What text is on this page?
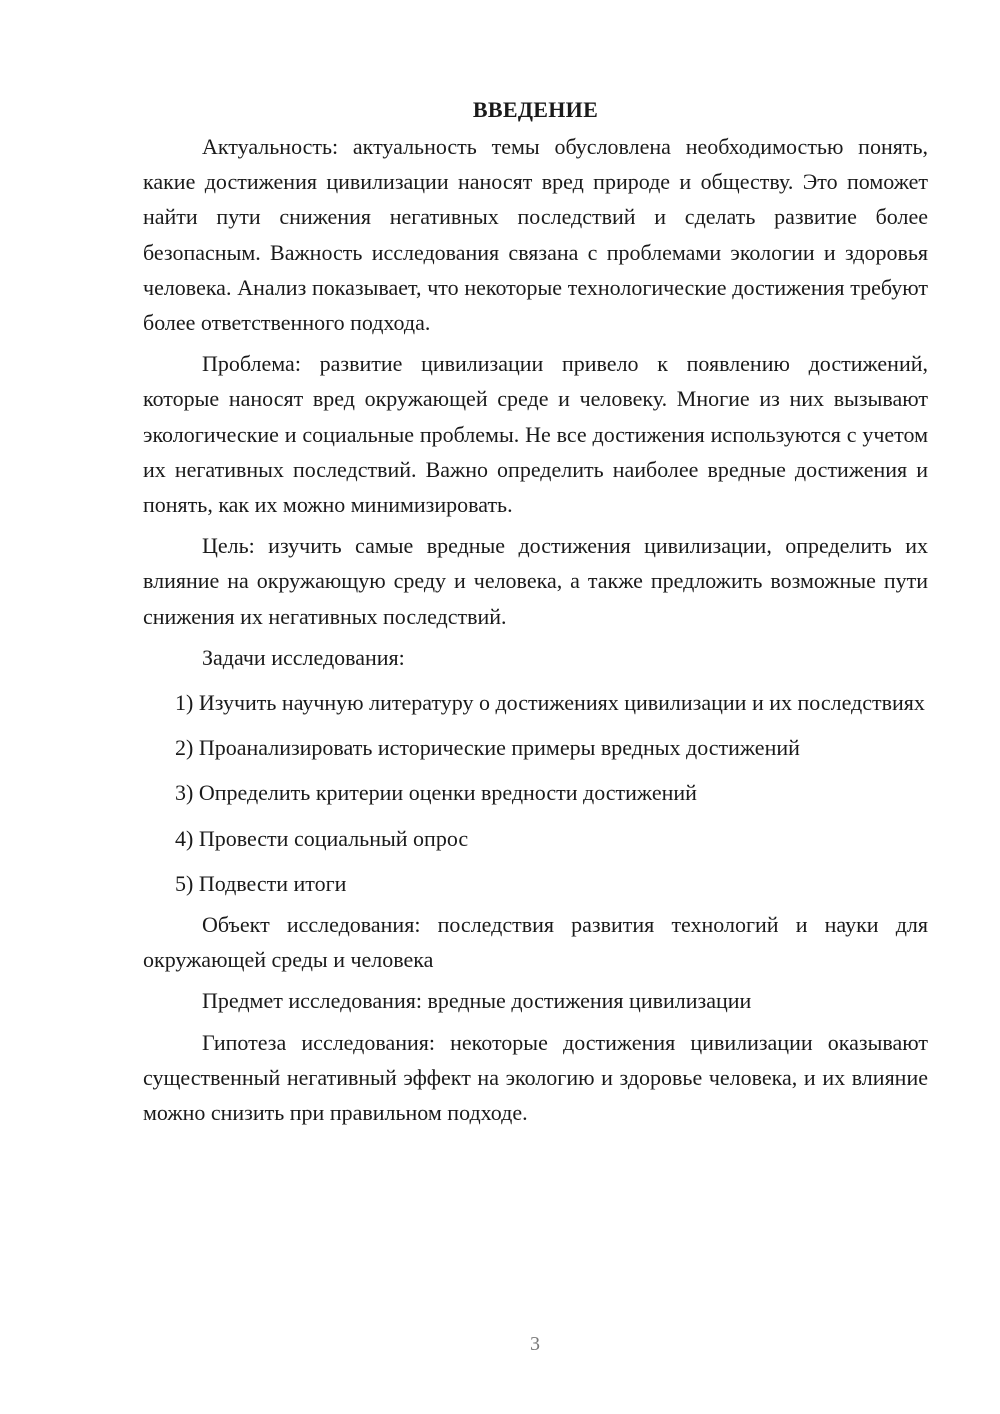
ВВЕДЕНИЕ

Актуальность: актуальность темы обусловлена необходимостью понять, какие достижения цивилизации наносят вред природе и обществу. Это поможет найти пути снижения негативных последствий и сделать развитие более безопасным. Важность исследования связана с проблемами экологии и здоровья человека. Анализ показывает, что некоторые технологические достижения требуют более ответственного подхода.

Проблема: развитие цивилизации привело к появлению достижений, которые наносят вред окружающей среде и человеку. Многие из них вызывают экологические и социальные проблемы. Не все достижения используются с учетом их негативных последствий. Важно определить наиболее вредные достижения и понять, как их можно минимизировать.

Цель: изучить самые вредные достижения цивилизации, определить их влияние на окружающую среду и человека, а также предложить возможные пути снижения их негативных последствий.

Задачи исследования:

1) Изучить научную литературу о достижениях цивилизации и их последствиях

2) Проанализировать исторические примеры вредных достижений

3) Определить критерии оценки вредности достижений

4) Провести социальный опрос

5) Подвести итоги

Объект исследования: последствия развития технологий и науки для окружающей среды и человека

Предмет исследования: вредные достижения цивилизации

Гипотеза исследования: некоторые достижения цивилизации оказывают существенный негативный эффект на экологию и здоровье человека, и их влияние можно снизить при правильном подходе.

3
